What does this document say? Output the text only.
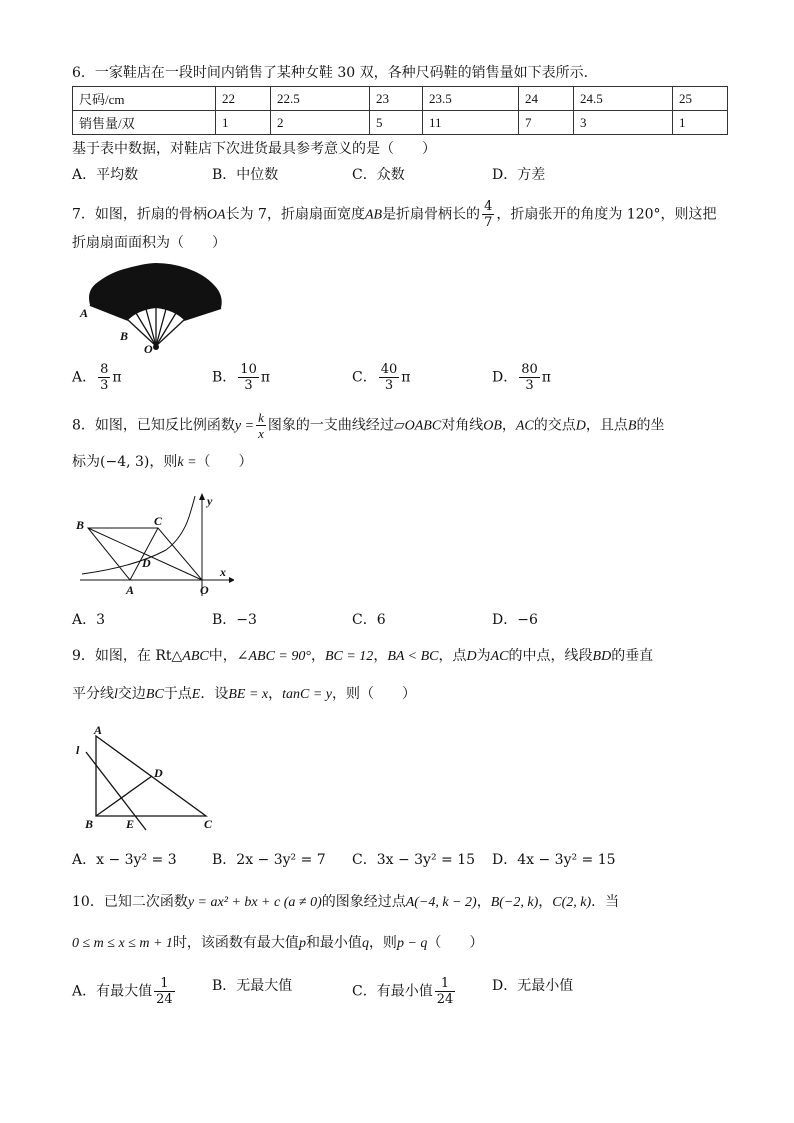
6．一家鞋店在一段时间内销售了某种女鞋 30 双，各种尺码鞋的销售量如下表所示．
尺码/cm	22	22.5	23	23.5	24	24.5	25
销售量/双	1	2	5	11	7	3	1
基于表中数据，对鞋店下次进货最具参考意义的是（　　）
A．平均数	B．中位数	C．众数	D．方差
7．如图，折扇的骨柄OA长为 7，折扇扇面宽度AB是折扇骨柄长的 $\frac{4}{7}$ ，折扇张开的角度为 120°，则这把
折扇扇面面积为（　　）
A
B
O
A． $\frac{8}{3}$ π	B． $\frac{10}{3}$ π	C． $\frac{40}{3}$ π	D． $\frac{80}{3}$ π
8．如图，已知反比例函数$y = \frac{k}{x}$ 图象的一支曲线经过▱OABC对角线OB，AC的交点D，且点B的坐
标为(−4, 3)，则k =（　　）
B	C
D
A	O
x
y
A．3	B．−3	C．6	D．−6
9．如图，在 Rt△ABC中，∠ABC = 90°，BC = 12，BA < BC，点D为AC的中点，线段BD的垂直
平分线l交边BC于点E．设BE = x，tanC = y，则（　　）
l
A
D
B	E	C
A．x − 3y² = 3	B．2x − 3y² = 7 C．3x − 3y² = 15 D．4x − 3y² = 15
10．已知二次函数y = ax² + bx + c (a ≠ 0)的图象经过点A(−4, k − 2)，B(−2, k)，C(2, k)．当
0 ≤ m ≤ x ≤ m + 1时，该函数有最大值p和最小值q，则p − q（　　）
A．有最大值 $\frac{1}{24}$	B．无最大值	C．有最小值 $\frac{1}{24}$	D．无最小值
